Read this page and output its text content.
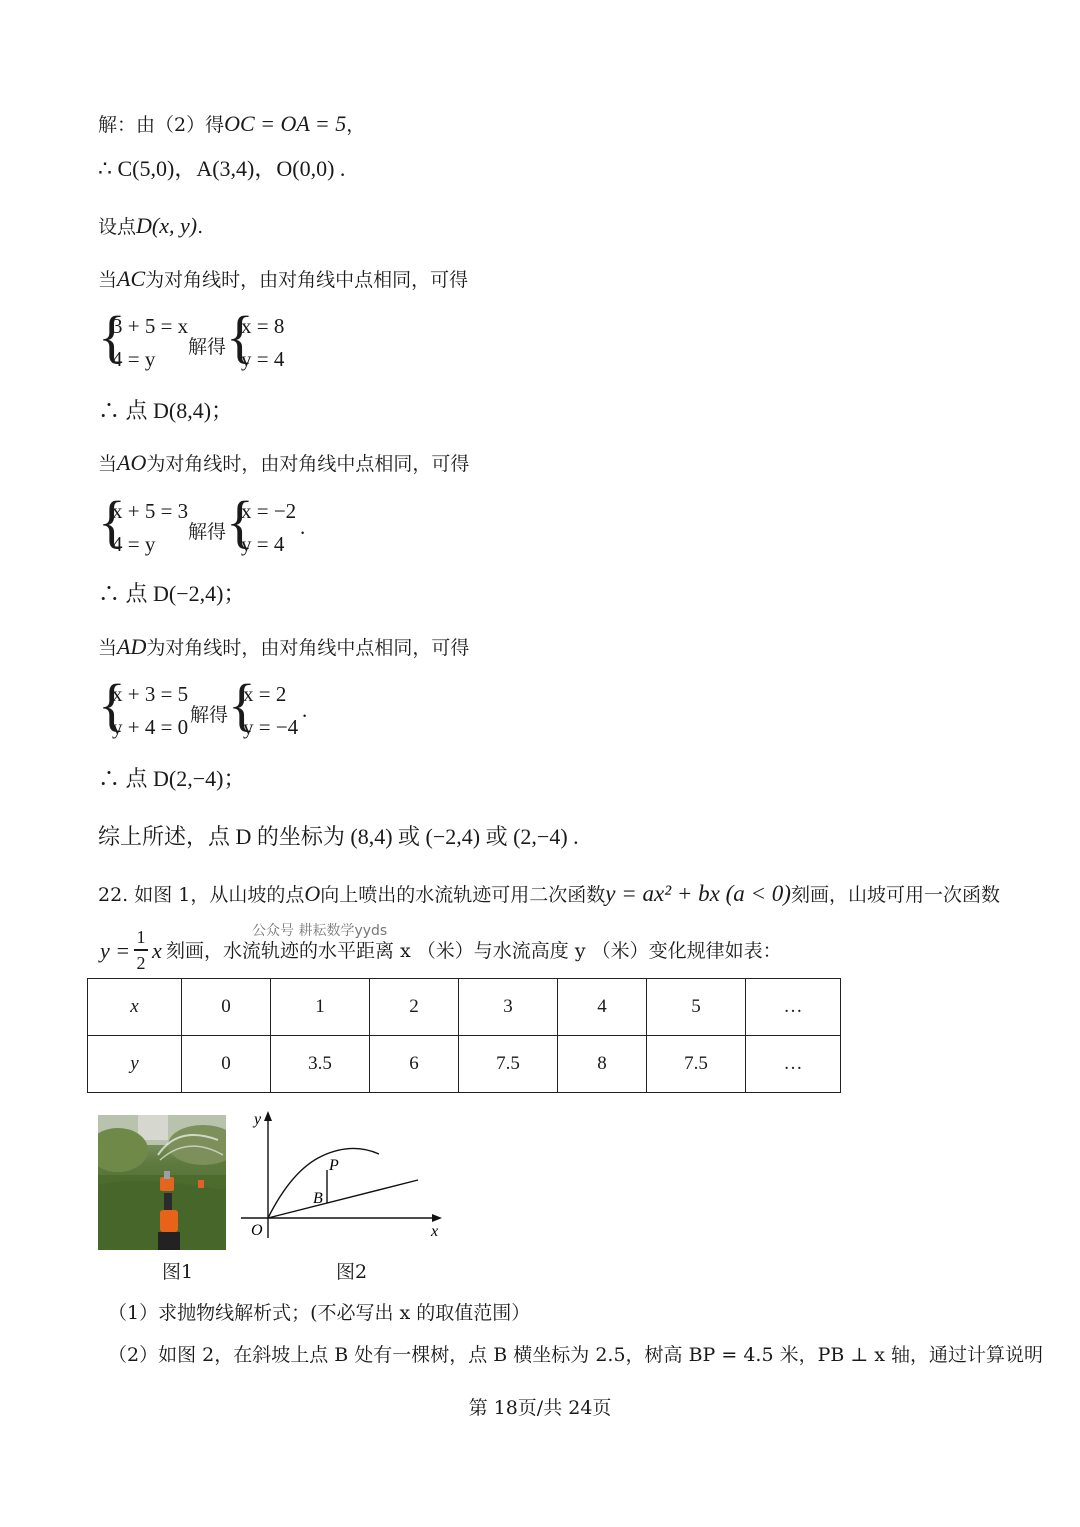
解：由（2）得OC = OA = 5，
∴ C(5,0)，A(3,4)，O(0,0) .
设点D(x, y).
当AC为对角线时，由对角线中点相同，可得
{
3 + 5 = x
4 = y 解得 {
x = 8
y = 4
∴ 点 D(8,4)；
当AO为对角线时，由对角线中点相同，可得
{
x + 5 = 3
4 = y 解得 {
x = −2
y = 4
.
∴ 点 D(−2,4)；
当AD为对角线时，由对角线中点相同，可得
{
x + 3 = 5
y + 4 = 0 解得 {
x = 2
y = −4
.
∴ 点 D(2,−4)；
综上所述，点 D 的坐标为 (8,4) 或 (−2,4) 或 (2,−4) .
22. 如图 1，从山坡的点O向上喷出的水流轨迹可用二次函数y = ax² + bx (a < 0)刻画，山坡可用一次函数
公众号 耕耘数学yyds
y =
1
2 x 刻画，水流轨迹的水平距离 x （米）与水流高度 y （米）变化规律如表：
x	0	1	2	3	4	5	…
y	0	3.5	6	7.5	8	7.5	…
图1
y
x
O
P
B
图2
（1）求抛物线解析式；(不必写出 x 的取值范围）
（2）如图 2，在斜坡上点 B 处有一棵树，点 B 横坐标为 2.5，树高 BP = 4.5 米，PB ⊥ x 轴，通过计算说明
第 18页/共 24页
